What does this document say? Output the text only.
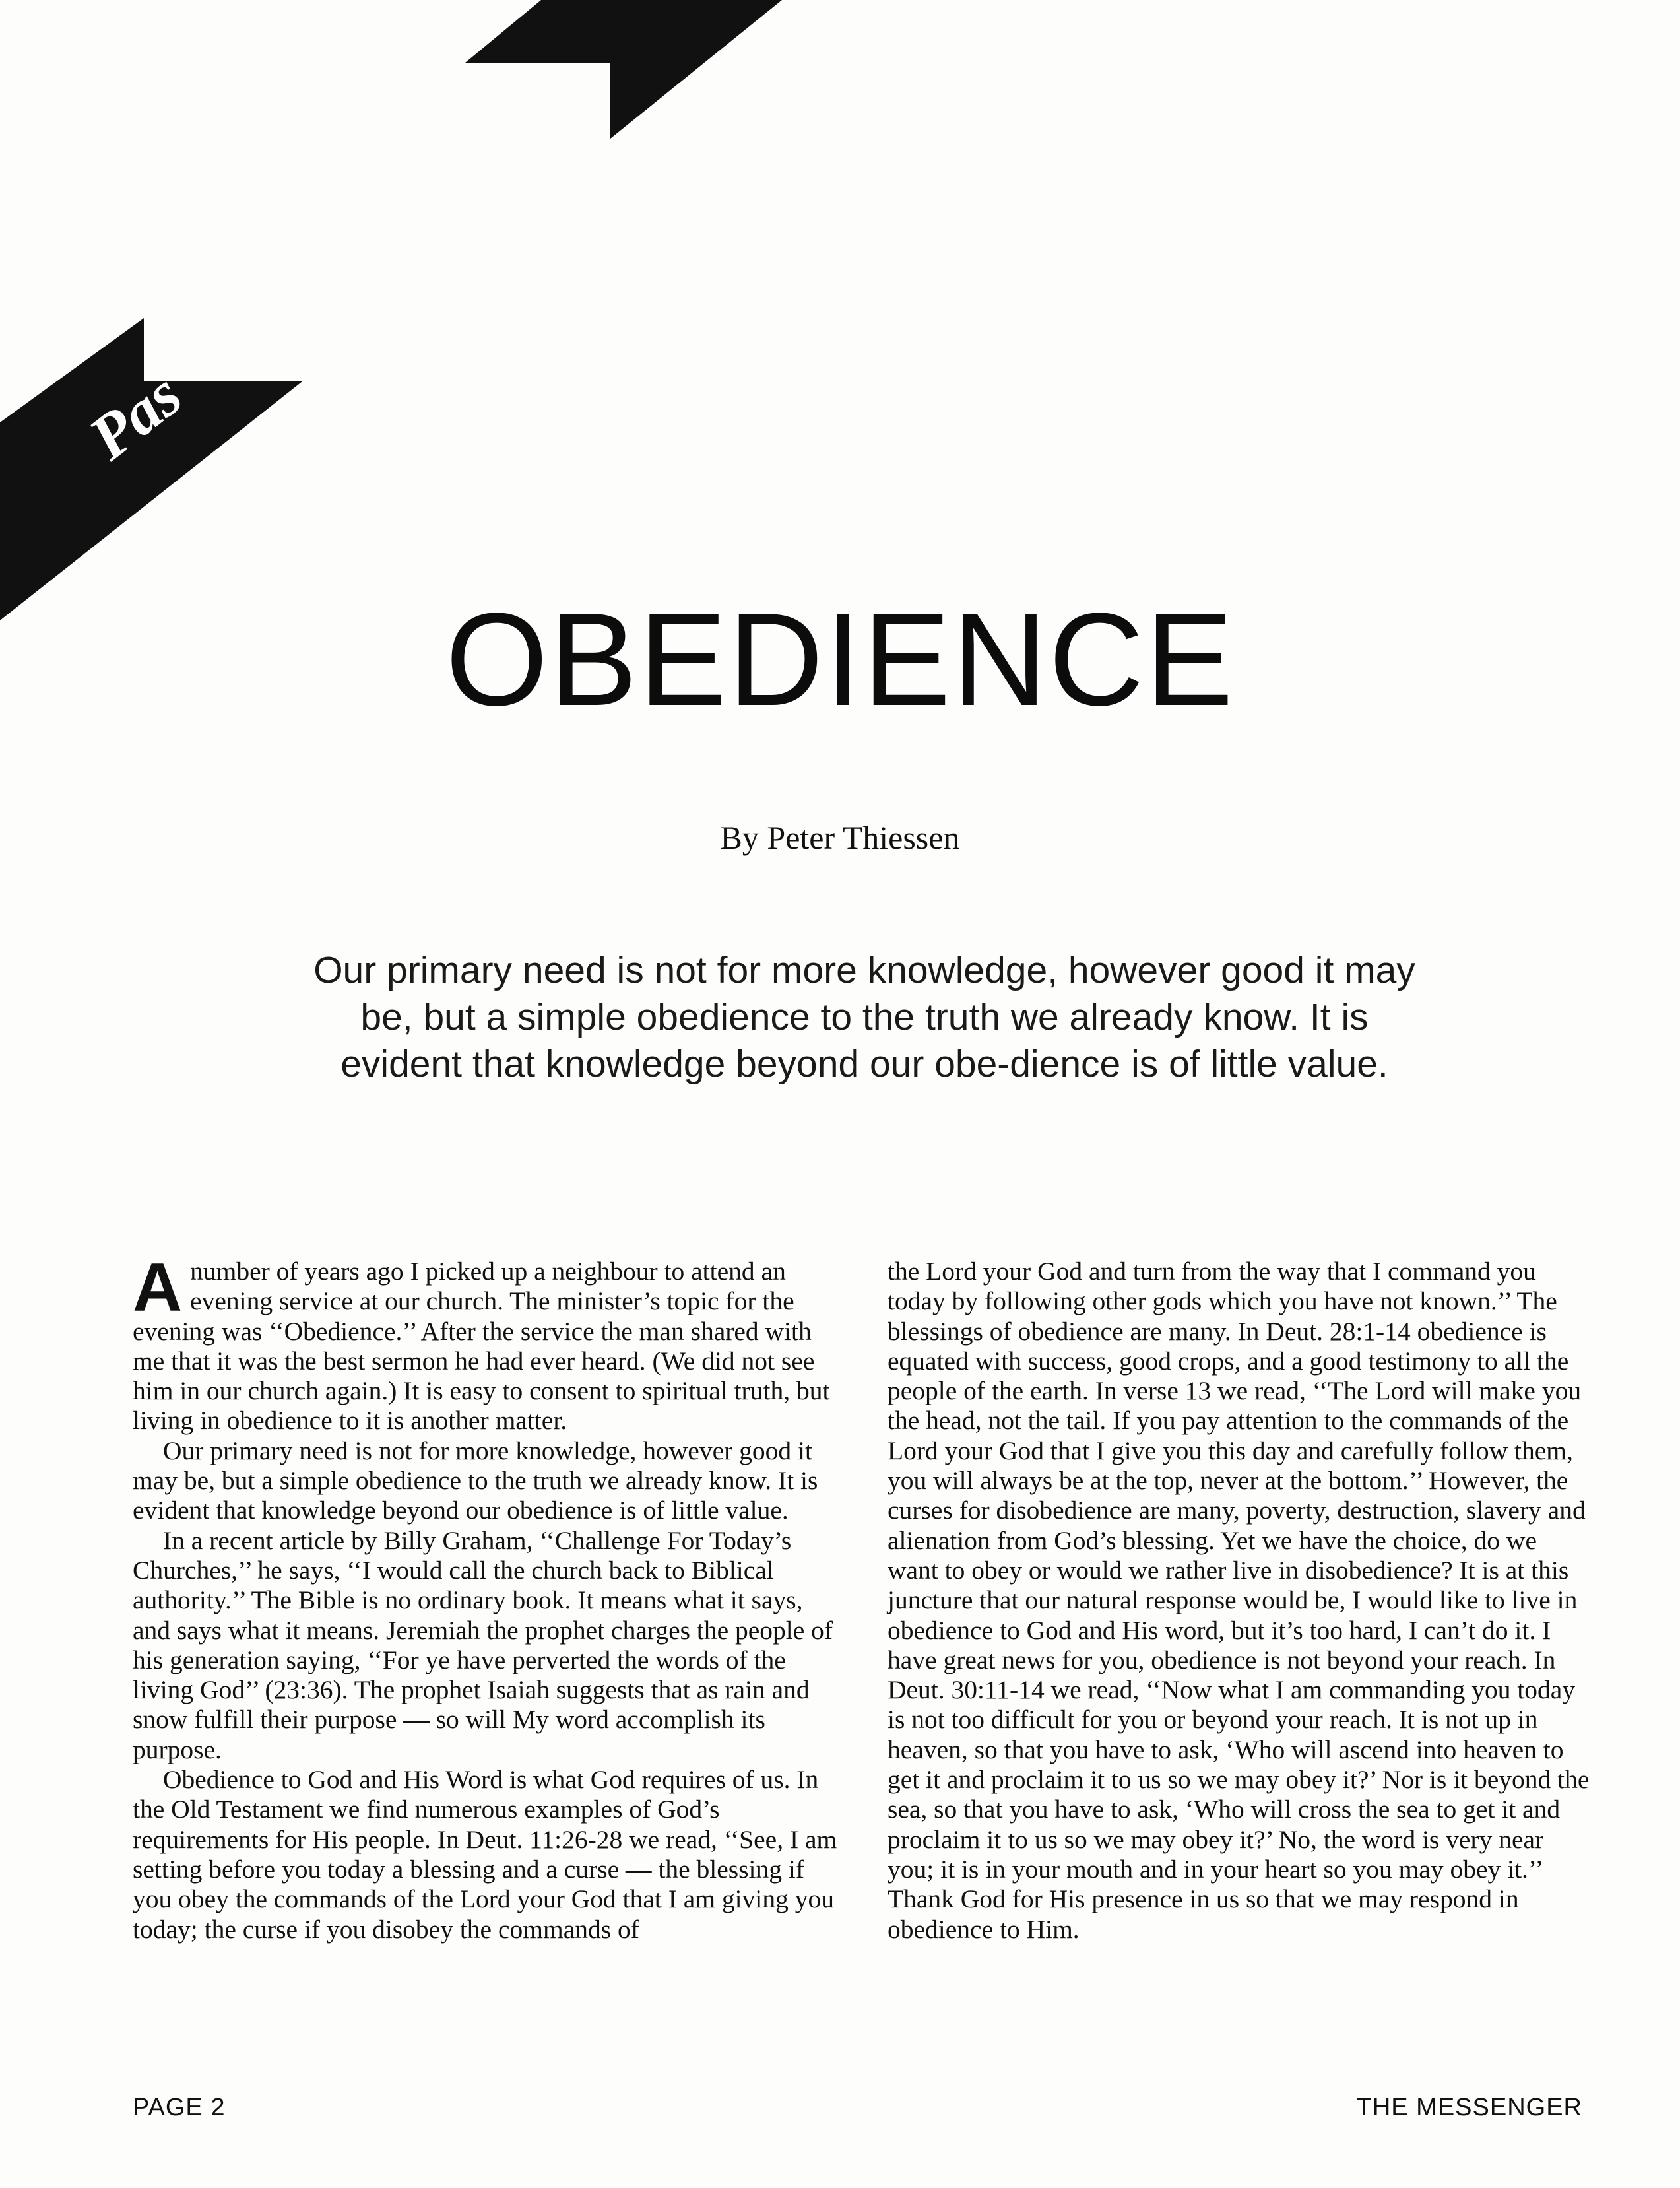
Pas
OBEDIENCE
By Peter Thiessen
Our primary need is not for more knowledge, however good it may be, but a simple obedience to the truth we already know. It is evident that knowledge beyond our obe-dience is of little value.

Anumber of years ago I picked up a neighbour to attend an evening service at our church. The minister’s topic for the evening was ‘‘Obedience.’’ After the service the man shared with me that it was the best sermon he had ever heard. (We did not see him in our church again.) It is easy to consent to spiritual truth, but living in obedience to it is another matter.

Our primary need is not for more knowledge, however good it may be, but a simple obedience to the truth we already know. It is evident that knowledge beyond our obedience is of little value.

In a recent article by Billy Graham, ‘‘Challenge For Today’s Churches,’’ he says, ‘‘I would call the church back to Biblical authority.’’ The Bible is no ordinary book. It means what it says, and says what it means. Jeremiah the prophet charges the people of his generation saying, ‘‘For ye have perverted the words of the living God’’ (23:36). The prophet Isaiah suggests that as rain and snow fulfill their purpose — so will My word accomplish its purpose.

Obedience to God and His Word is what God requires of us. In the Old Testament we find numerous examples of God’s requirements for His people. In Deut. 11:26-28 we read, ‘‘See, I am setting before you today a blessing and a curse — the blessing if you obey the commands of the Lord your God that I am giving you today; the curse if you disobey the commands of

the Lord your God and turn from the way that I command you today by following other gods which you have not known.’’ The blessings of obedience are many. In Deut. 28:1-14 obedience is equated with success, good crops, and a good testimony to all the people of the earth. In verse 13 we read, ‘‘The Lord will make you the head, not the tail. If you pay attention to the commands of the Lord your God that I give you this day and carefully follow them, you will always be at the top, never at the bottom.’’ However, the curses for disobedience are many, poverty, destruction, slavery and alienation from God’s blessing. Yet we have the choice, do we want to obey or would we rather live in disobedience? It is at this juncture that our natural response would be, I would like to live in obedience to God and His word, but it’s too hard, I can’t do it. I have great news for you, obedience is not beyond your reach. In Deut. 30:11-14 we read, ‘‘Now what I am commanding you today is not too difficult for you or beyond your reach. It is not up in heaven, so that you have to ask, ‘Who will ascend into heaven to get it and proclaim it to us so we may obey it?’ Nor is it beyond the sea, so that you have to ask, ‘Who will cross the sea to get it and proclaim it to us so we may obey it?’ No, the word is very near you; it is in your mouth and in your heart so you may obey it.’’ Thank God for His presence in us so that we may respond in obedience to Him.

PAGE 2	THE MESSENGER
